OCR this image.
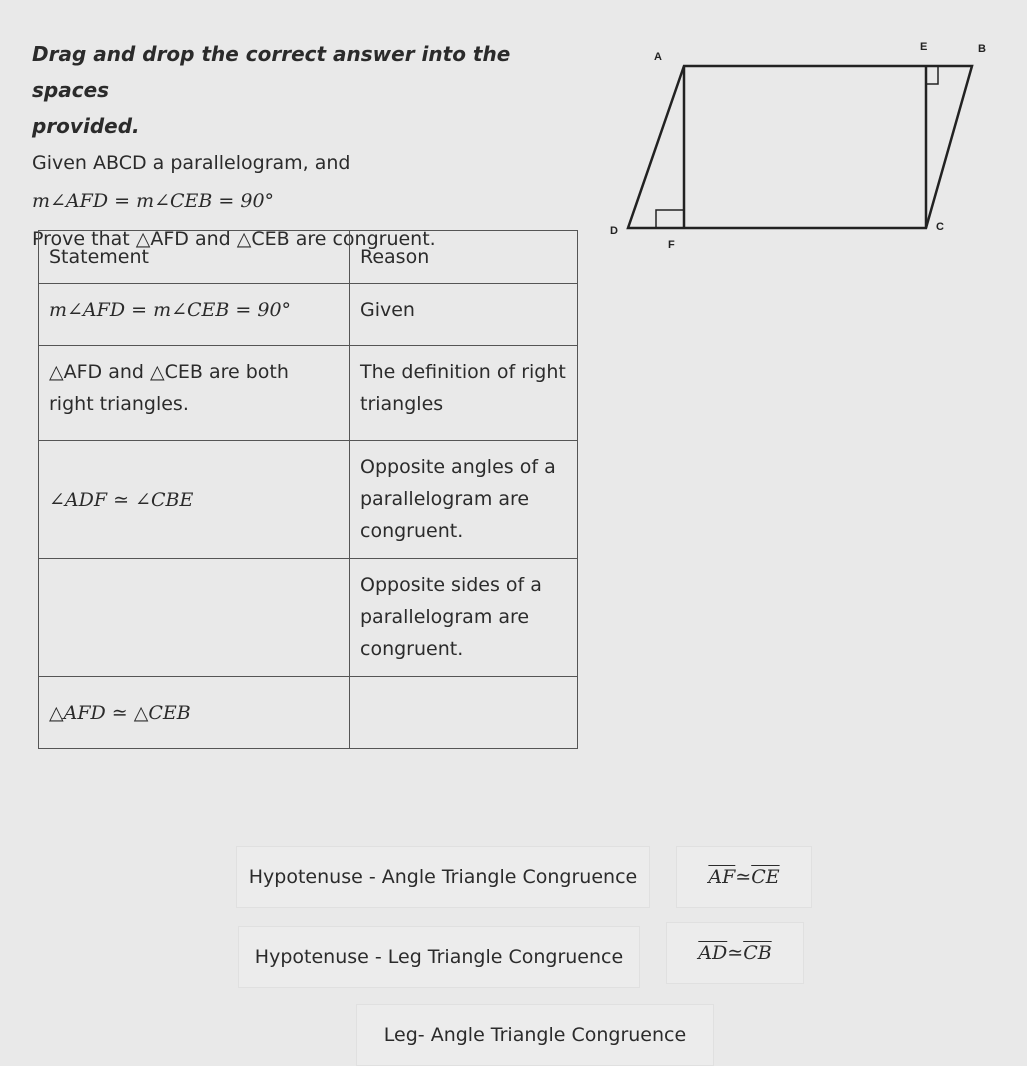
Drag and drop the correct answer into the spaces

provided.

Given ABCD a parallelogram, and

m∠AFD = m∠CEB = 90°

Prove that △AFD and △CEB are congruent.

A
B
C
D
E
F
Statement	Reason
m∠AFD = m∠CEB = 90°	Given
△AFD and △CEB are both right triangles.	The definition of right triangles
∠ADF ≃ ∠CBE	Opposite angles of a parallelogram are congruent.
	Opposite sides of a parallelogram are congruent.
△AFD ≃ △CEB	
Hypotenuse - Angle Triangle Congruence	$\overline{AF}$ ≃ $\overline{CE}$
Hypotenuse - Leg Triangle Congruence	$\overline{AD}$ ≃ $\overline{CB}$
Leg- Angle Triangle Congruence
